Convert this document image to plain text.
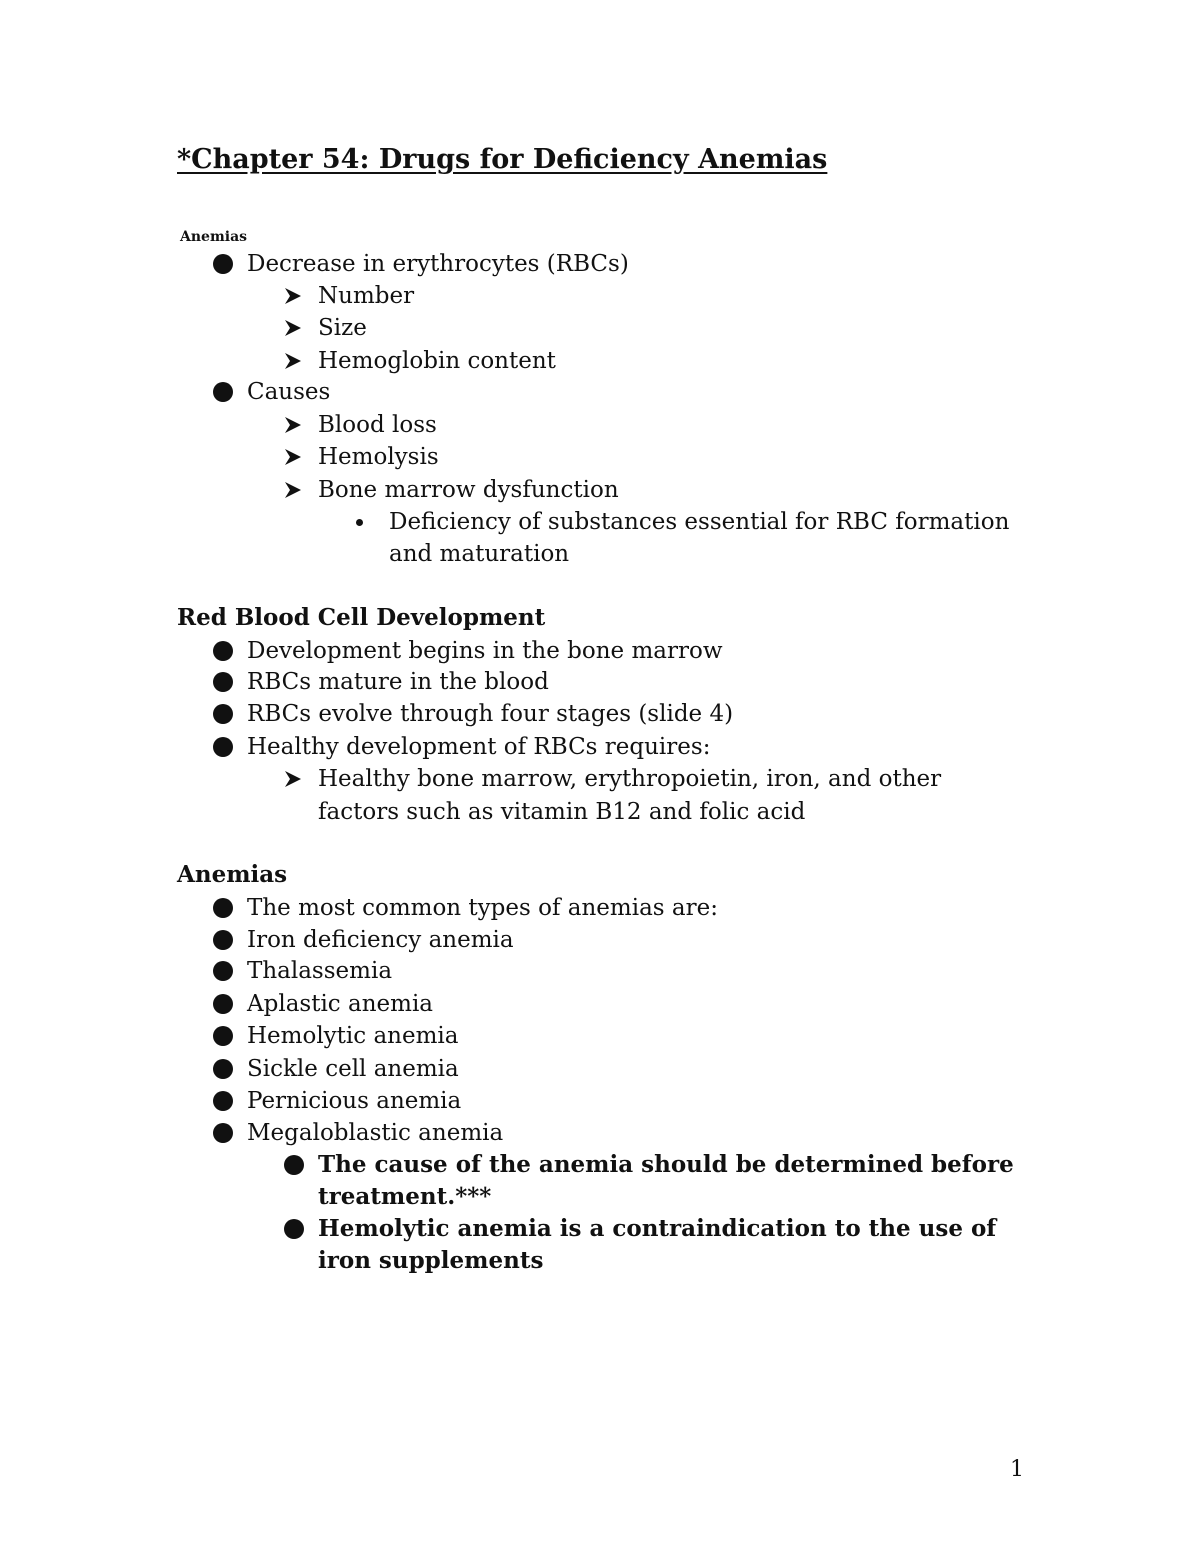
*Chapter 54: Drugs for Deficiency Anemias
Anemias
Decrease in erythrocytes (RBCs)
Number
Size
Hemoglobin content
Causes
Blood loss
Hemolysis
Bone marrow dysfunction
Deficiency of substances essential for RBC formation
and maturation
Red Blood Cell Development
Development begins in the bone marrow
RBCs mature in the blood
RBCs evolve through four stages (slide 4)
Healthy development of RBCs requires:
Healthy bone marrow, erythropoietin, iron, and other
factors such as vitamin B12 and folic acid
Anemias
The most common types of anemias are:
Iron deficiency anemia
Thalassemia
Aplastic anemia
Hemolytic anemia
Sickle cell anemia
Pernicious anemia
Megaloblastic anemia
The cause of the anemia should be determined before
treatment.***
Hemolytic anemia is a contraindication to the use of
iron supplements
1
